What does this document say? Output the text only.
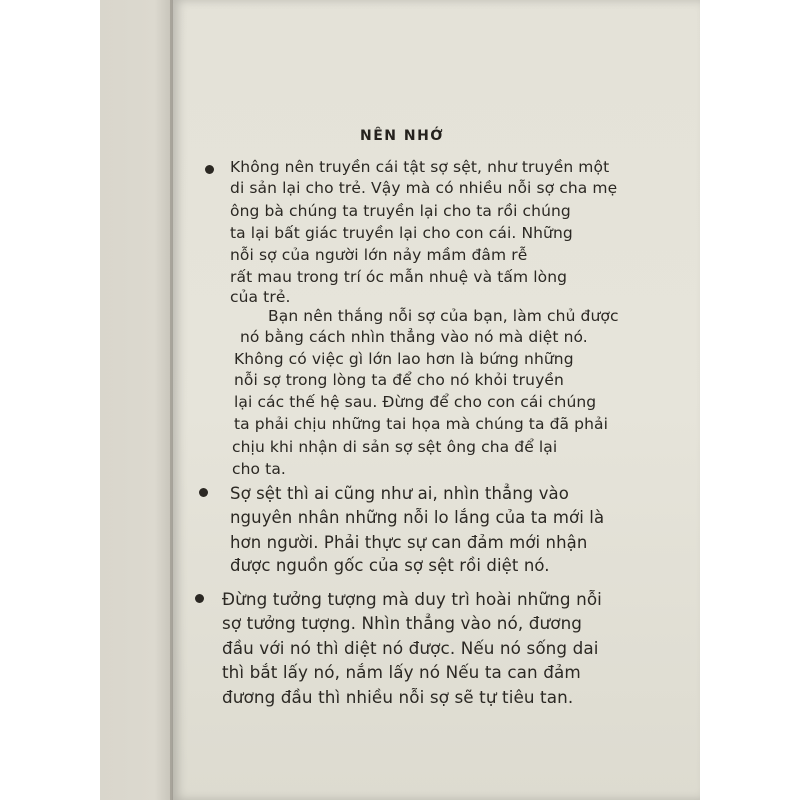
NÊN NHỚ
Không nên truyền cái tật sợ sệt, như truyền một
di sản lại cho trẻ. Vậy mà có nhiều nỗi sợ cha mẹ
ông bà chúng ta truyền lại cho ta rồi chúng
ta lại bất giác truyền lại cho con cái. Những
nỗi sợ của người lớn nảy mầm đâm rễ
rất mau trong trí óc mẫn nhuệ và tấm lòng
của trẻ.
Bạn nên thắng nỗi sợ của bạn, làm chủ được
nó bằng cách nhìn thẳng vào nó mà diệt nó.
Không có việc gì lớn lao hơn là bứng những
nỗi sợ trong lòng ta để cho nó khỏi truyền
lại các thế hệ sau. Đừng để cho con cái chúng
ta phải chịu những tai họa mà chúng ta đã phải
chịu khi nhận di sản sợ sệt ông cha để lại
cho ta.
Sợ sệt thì ai cũng như ai, nhìn thẳng vào
nguyên nhân những nỗi lo lắng của ta mới là
hơn người. Phải thực sự can đảm mới nhận
được nguồn gốc của sợ sệt rồi diệt nó.
Đừng tưởng tượng mà duy trì hoài những nỗi
sợ tưởng tượng. Nhìn thẳng vào nó, đương
đầu với nó thì diệt nó được. Nếu nó sống dai
thì bắt lấy nó, nắm lấy nó Nếu ta can đảm
đương đầu thì nhiều nỗi sợ sẽ tự tiêu tan.
